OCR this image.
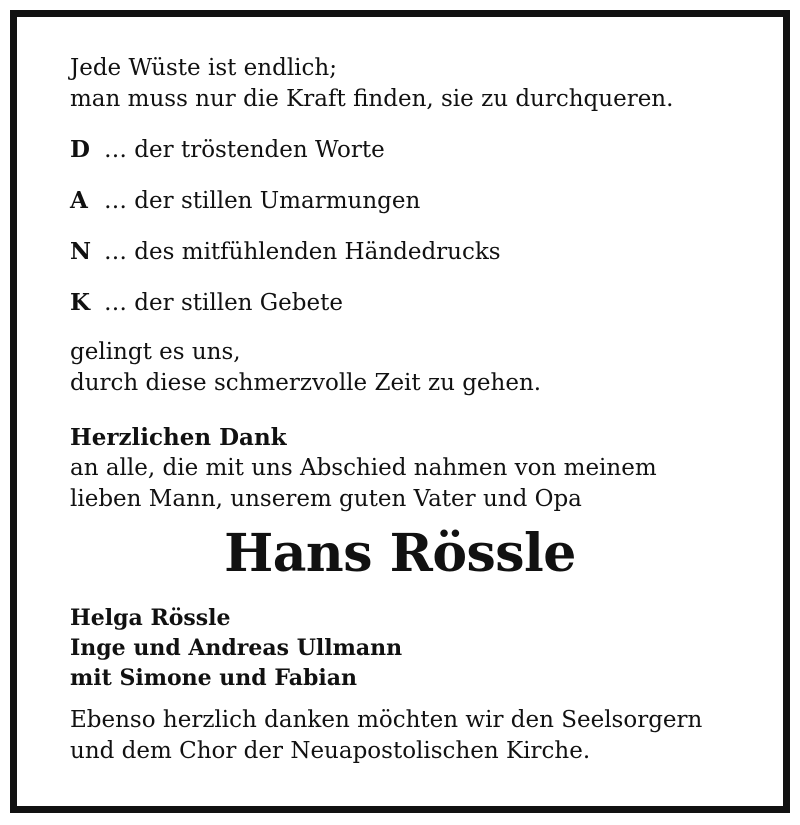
Jede Wüste ist endlich;
man muss nur die Kraft finden, sie zu durchqueren.
D … der tröstenden Worte
A … der stillen Umarmungen
N … des mitfühlenden Händedrucks
K … der stillen Gebete
gelingt es uns,
durch diese schmerzvolle Zeit zu gehen.
Herzlichen Dank
an alle, die mit uns Abschied nahmen von meinem
lieben Mann, unserem guten Vater und Opa
Hans Rössle
Helga Rössle
Inge und Andreas Ullmann
mit Simone und Fabian
Ebenso herzlich danken möchten wir den Seelsorgern
und dem Chor der Neuapostolischen Kirche.
